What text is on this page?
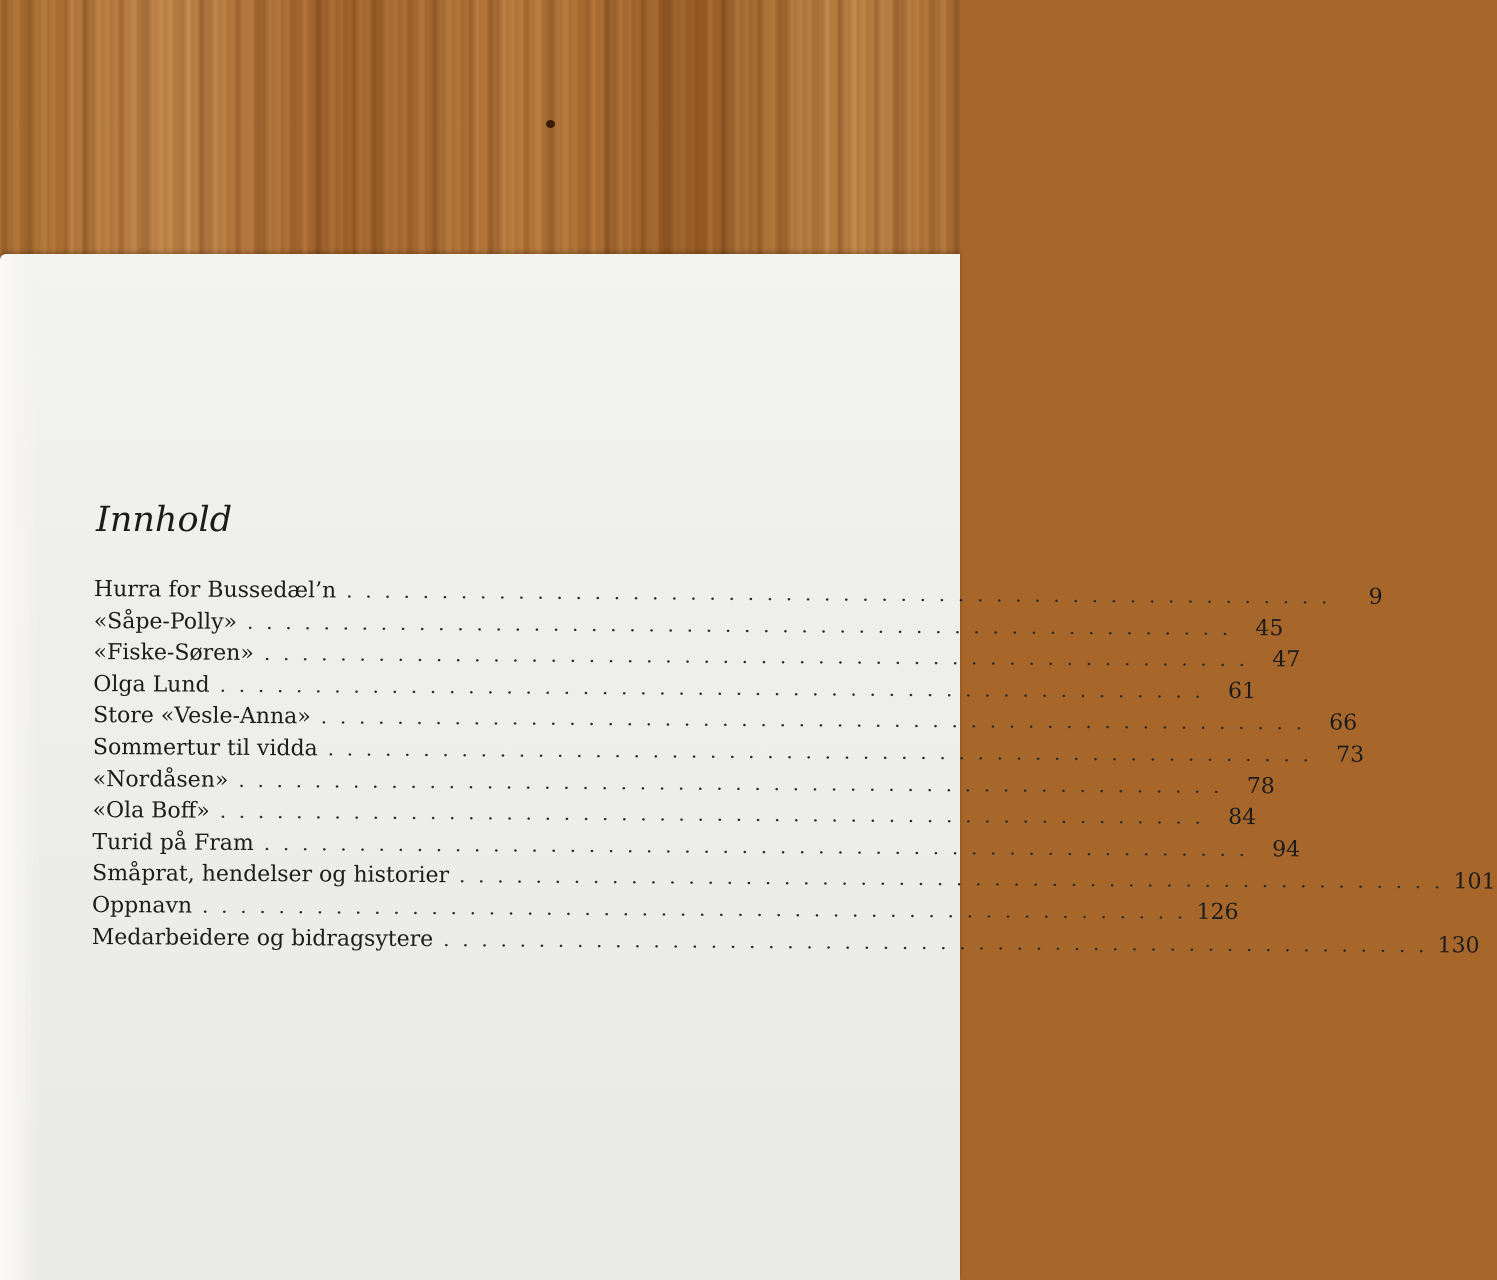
Innhold
Hurra for Bussedæl’n . . . . . . . . . . . . . . . . . . . . . . . . . . . . . . . . . . . . . . . . . . . . . . . . . . . .	9
«Såpe-Polly» . . . . . . . . . . . . . . . . . . . . . . . . . . . . . . . . . . . . . . . . . . . . . . . . . . . .	45
«Fiske-Søren» . . . . . . . . . . . . . . . . . . . . . . . . . . . . . . . . . . . . . . . . . . . . . . . . . . . .	47
Olga Lund . . . . . . . . . . . . . . . . . . . . . . . . . . . . . . . . . . . . . . . . . . . . . . . . . . . .	61
Store «Vesle-Anna» . . . . . . . . . . . . . . . . . . . . . . . . . . . . . . . . . . . . . . . . . . . . . . . . . . . .	66
Sommertur til vidda . . . . . . . . . . . . . . . . . . . . . . . . . . . . . . . . . . . . . . . . . . . . . . . . . . . .	73
«Nordåsen» . . . . . . . . . . . . . . . . . . . . . . . . . . . . . . . . . . . . . . . . . . . . . . . . . . . .	78
«Ola Boff» . . . . . . . . . . . . . . . . . . . . . . . . . . . . . . . . . . . . . . . . . . . . . . . . . . . .	84
Turid på Fram . . . . . . . . . . . . . . . . . . . . . . . . . . . . . . . . . . . . . . . . . . . . . . . . . . . .	94
Småprat, hendelser og historier . . . . . . . . . . . . . . . . . . . . . . . . . . . . . . . . . . . . . . . . . . . . . . . . . . . . 101
Oppnavn . . . . . . . . . . . . . . . . . . . . . . . . . . . . . . . . . . . . . . . . . . . . . . . . . . . . 126
Medarbeidere og bidragsytere . . . . . . . . . . . . . . . . . . . . . . . . . . . . . . . . . . . . . . . . . . . . . . . . . . . . 130
